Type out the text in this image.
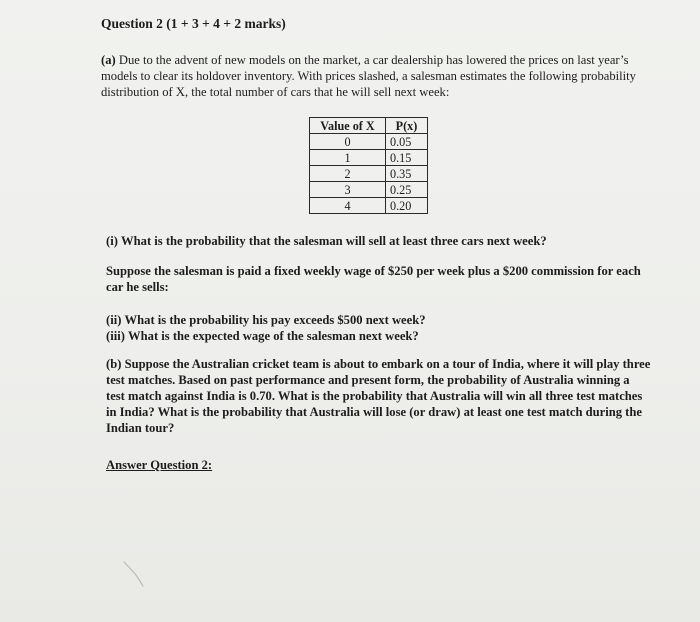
Question 2 (1 + 3 + 4 + 2 marks)

(a) Due to the advent of new models on the market, a car dealership has lowered the prices on last year’s models to clear its holdover inventory. With prices slashed, a salesman estimates the following probability distribution of X, the total number of cars that he will sell next week:

Value of X	P(x)
0	0.05
1	0.15
2	0.35
3	0.25
4	0.20

(i) What is the probability that the salesman will sell at least three cars next week?

Suppose the salesman is paid a fixed weekly wage of $250 per week plus a $200 commission for each car he sells:

(ii) What is the probability his pay exceeds $500 next week?

(iii) What is the expected wage of the salesman next week?

(b) Suppose the Australian cricket team is about to embark on a tour of India, where it will play three test matches. Based on past performance and present form, the probability of Australia winning a test match against India is 0.70. What is the probability that Australia will win all three test matches in India? What is the probability that Australia will lose (or draw) at least one test match during the Indian tour?

Answer Question 2:
